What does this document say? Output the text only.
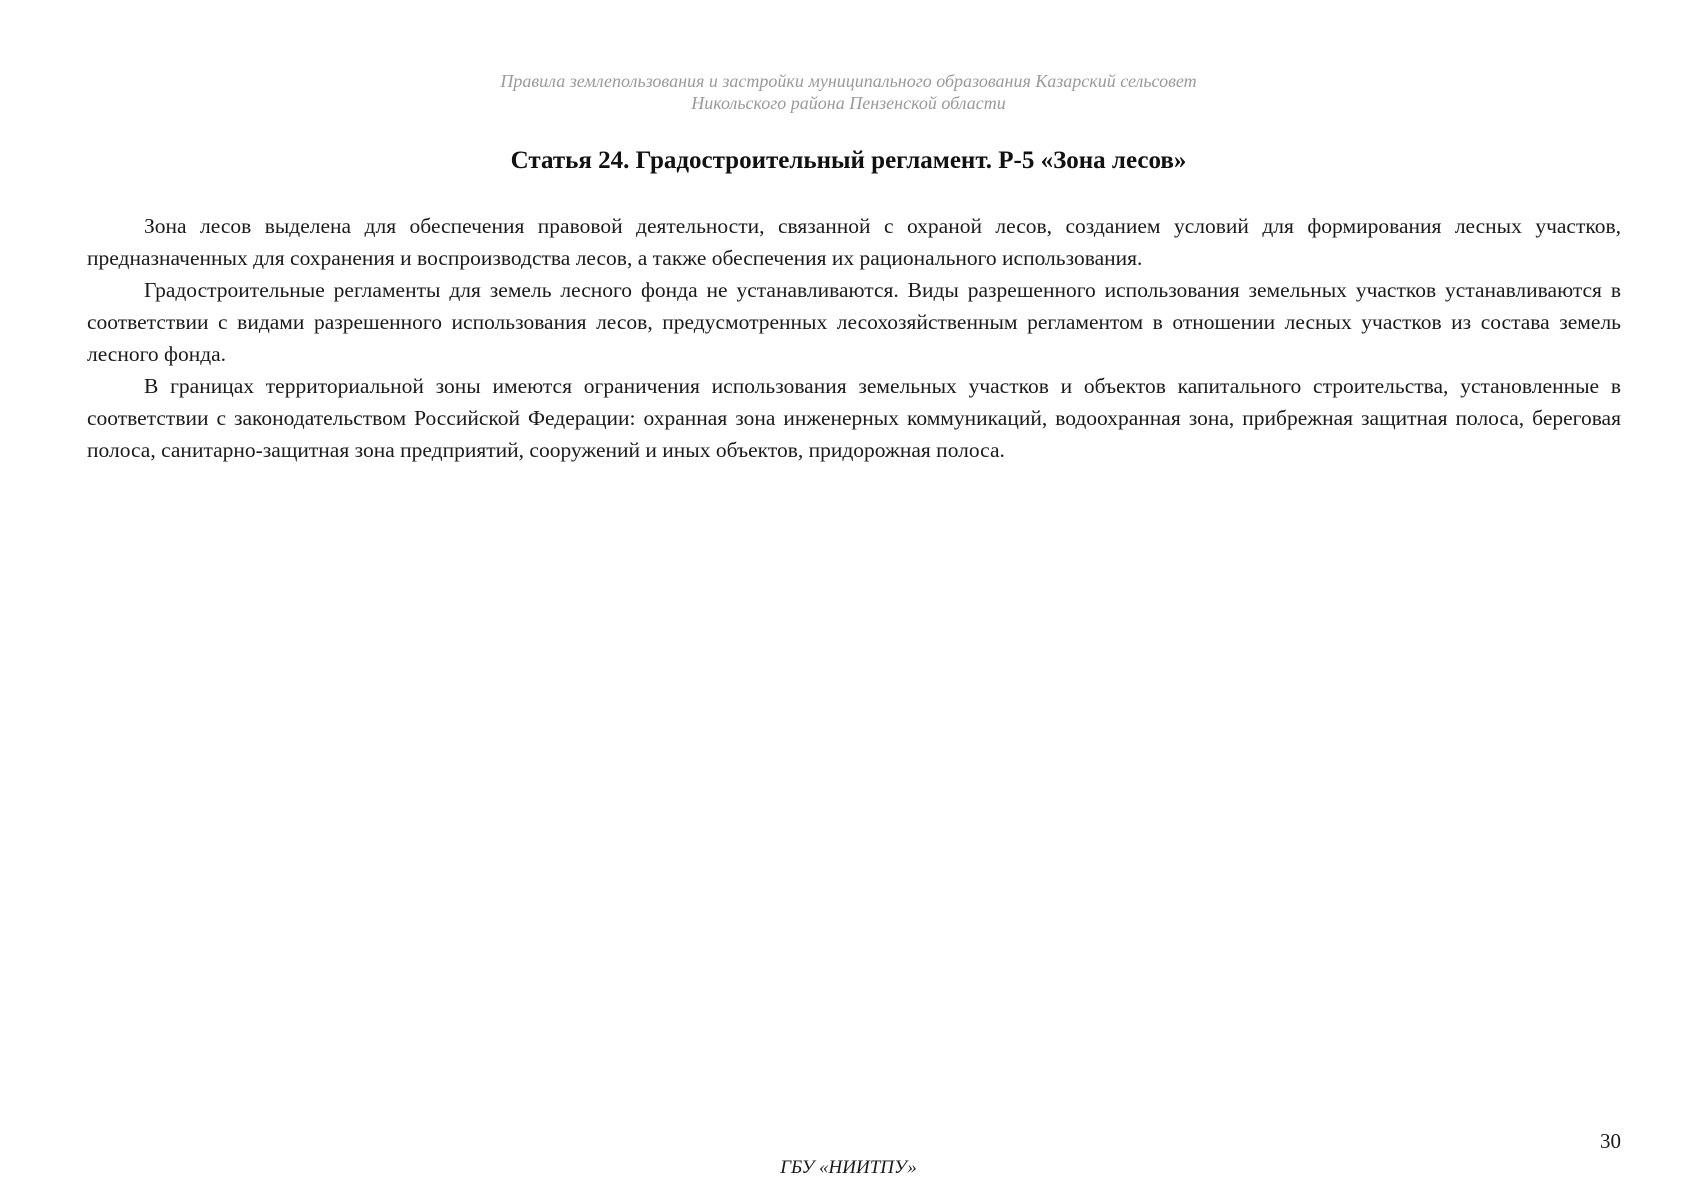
Правила землепользования и застройки муниципального образования Казарский сельсовет
Никольского района Пензенской области
Статья 24. Градостроительный регламент. Р-5 «Зона лесов»

Зона лесов выделена для обеспечения правовой деятельности, связанной с охраной лесов, созданием условий для формирования лесных участков, предназначенных для сохранения и воспроизводства лесов, а также обеспечения их рационального использования.

Градостроительные регламенты для земель лесного фонда не устанавливаются. Виды разрешенного использования земельных участков устанавливаются в соответствии с видами разрешенного использования лесов, предусмотренных лесохозяйственным регламентом в отношении лесных участков из состава земель лесного фонда.

В границах территориальной зоны имеются ограничения использования земельных участков и объектов капитального строительства, установленные в соответствии с законодательством Российской Федерации: охранная зона инженерных коммуникаций, водоохранная зона, прибрежная защитная полоса, береговая полоса, санитарно-защитная зона предприятий, сооружений и иных объектов, придорожная полоса.

30
ГБУ «НИИТПУ»
